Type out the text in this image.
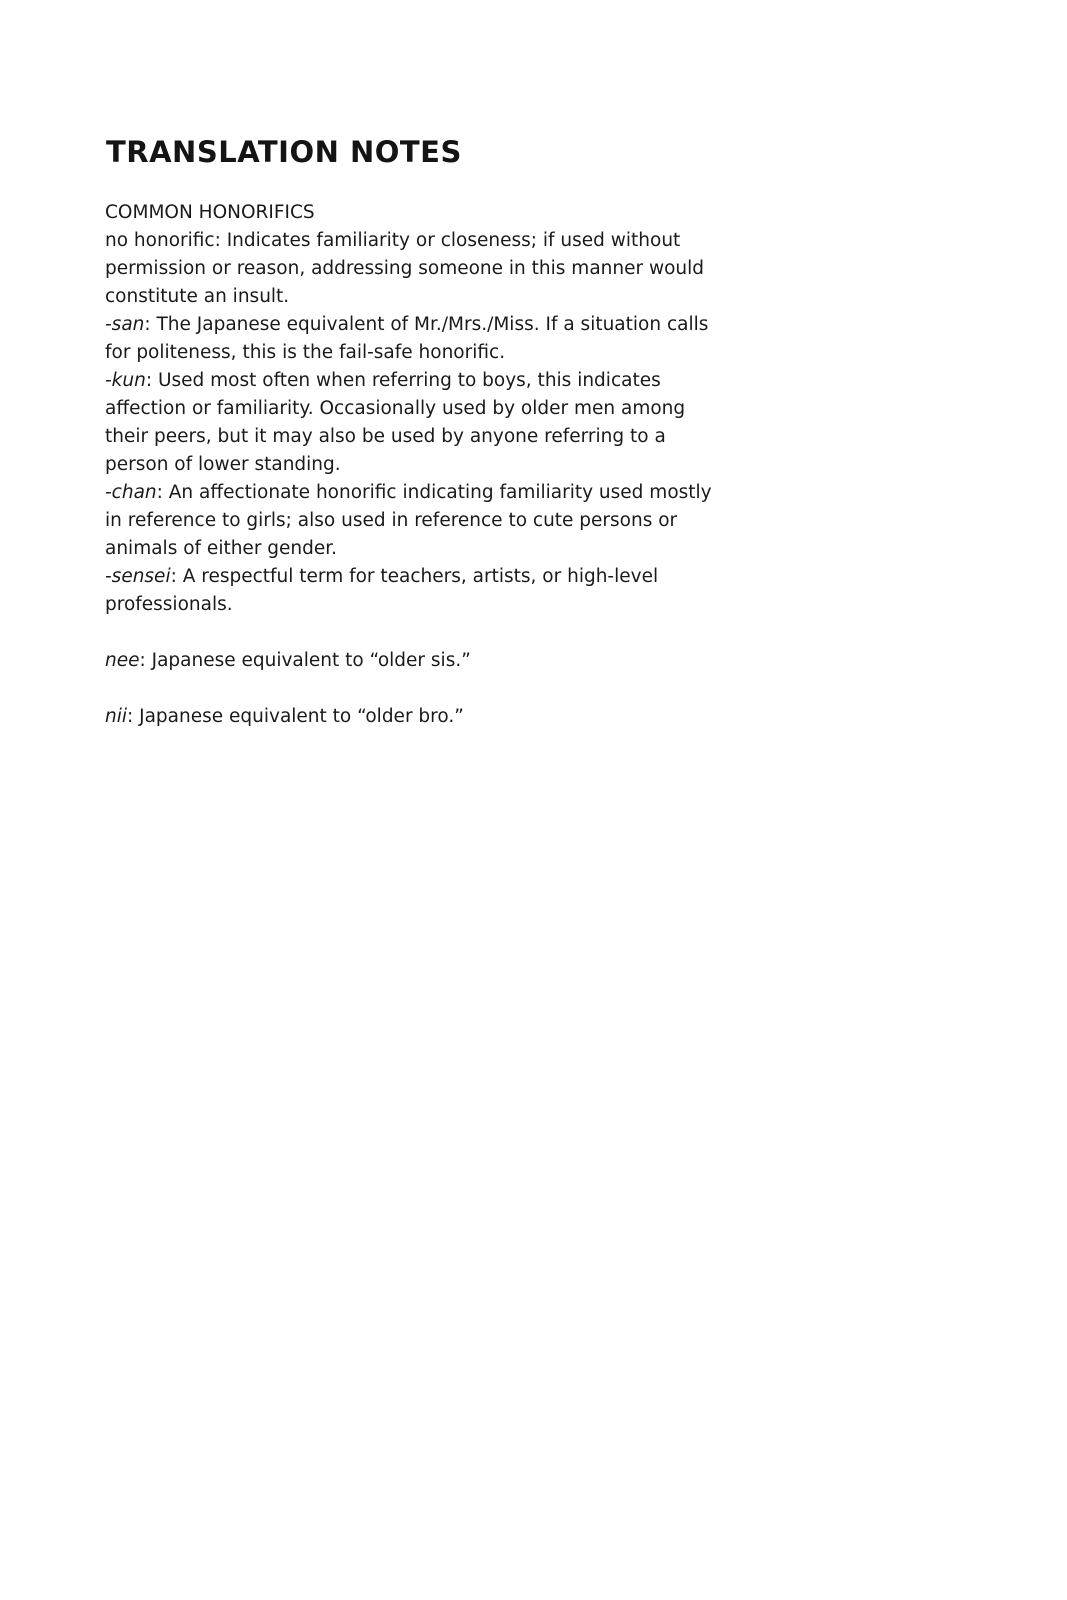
TRANSLATION NOTES

COMMON HONORIFICS

no honorific: Indicates familiarity or closeness; if used without permission or reason, addressing someone in this manner would constitute an insult.

-san: The Japanese equivalent of Mr./Mrs./Miss. If a situation calls for politeness, this is the fail-safe honorific.

-kun: Used most often when referring to boys, this indicates affection or familiarity. Occasionally used by older men among their peers, but it may also be used by anyone referring to a person of lower standing.

-chan: An affectionate honorific indicating familiarity used mostly in reference to girls; also used in reference to cute persons or animals of either gender.

-sensei: A respectful term for teachers, artists, or high-level professionals.

nee: Japanese equivalent to “older sis.”

nii: Japanese equivalent to “older bro.”
